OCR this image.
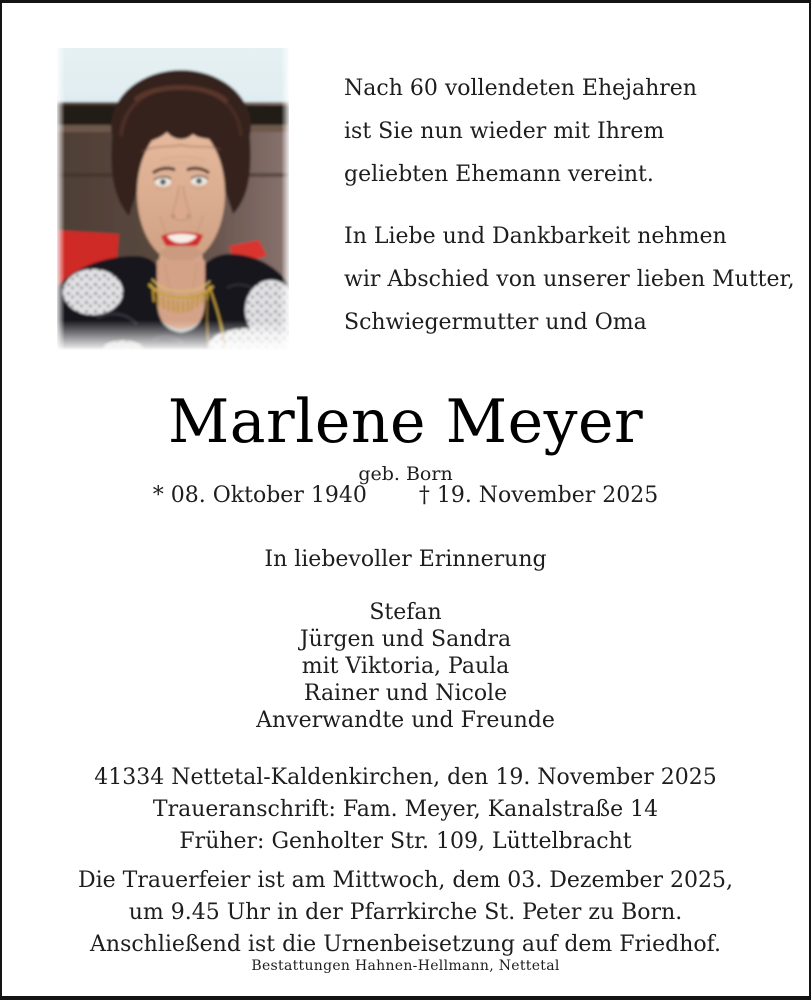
Nach 60 vollendeten Ehejahren
ist Sie nun wieder mit Ihrem
geliebten Ehemann vereint.
In Liebe und Dankbarkeit nehmen
wir Abschied von unserer lieben Mutter,
Schwiegermutter und Oma
Marlene Meyer
geb. Born
* 08. Oktober 1940 † 19. November 2025
In liebevoller Erinnerung
Stefan
Jürgen und Sandra
mit Viktoria, Paula
Rainer und Nicole
Anverwandte und Freunde
41334 Nettetal-Kaldenkirchen, den 19. November 2025
Traueranschrift: Fam. Meyer, Kanalstraße 14
Früher: Genholter Str. 109, Lüttelbracht
Die Trauerfeier ist am Mittwoch, dem 03. Dezember 2025,
um 9.45 Uhr in der Pfarrkirche St. Peter zu Born.
Anschließend ist die Urnenbeisetzung auf dem Friedhof.
Bestattungen Hahnen-Hellmann, Nettetal
